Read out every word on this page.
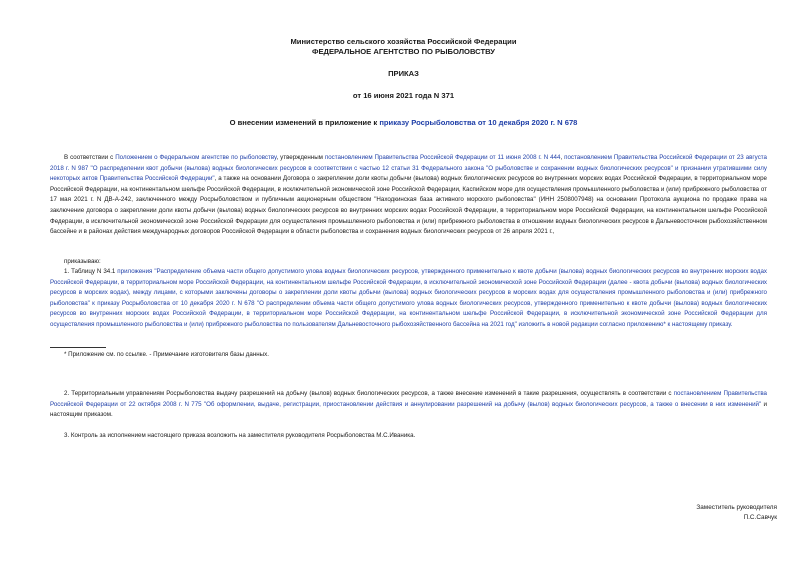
Министерство сельского хозяйства Российской Федерации
ФЕДЕРАЛЬНОЕ АГЕНТСТВО ПО РЫБОЛОВСТВУ
ПРИКАЗ
от 16 июня 2021 года N 371
О внесении изменений в приложение к приказу Росрыболовства от 10 декабря 2020 г. N 678

В соответствии с Положением о Федеральном агентстве по рыболовству, утвержденным постановлением Правительства Российской Федерации от 11 июня 2008 г. N 444, постановлением Правительства Российской Федерации от 23 августа 2018 г. N 987 "О распределении квот добычи (вылова) водных биологических ресурсов в соответствии с частью 12 статьи 31 Федерального закона "О рыболовстве и сохранении водных биологических ресурсов" и признании утратившими силу некоторых актов Правительства Российской Федерации", а также на основании Договора о закреплении доли квоты добычи (вылова) водных биологических ресурсов во внутренних морских водах Российской Федерации, в территориальном море Российской Федерации, на континентальном шельфе Российской Федерации, в исключительной экономической зоне Российской Федерации, Каспийском море для осуществления промышленного рыболовства и (или) прибрежного рыболовства от 17 мая 2021 г. N ДВ-А-242, заключенного между Росрыболовством и публичным акционерным обществом "Находкинская база активного морского рыболовства" (ИНН 2508007948) на основании Протокола аукциона по продаже права на заключение договора о закреплении доли квоты добычи (вылова) водных биологических ресурсов во внутренних морских водах Российской Федерации, в территориальном море Российской Федерации, на континентальном шельфе Российской Федерации, в исключительной экономической зоне Российской Федерации для осуществления промышленного рыболовства и (или) прибрежного рыболовства в отношении водных биологических ресурсов в Дальневосточном рыбохозяйственном бассейне и в районах действия международных договоров Российской Федерации в области рыболовства и сохранения водных биологических ресурсов от 26 апреля 2021 г.,

приказываю:

1. Таблицу N 34.1 приложения "Распределение объема части общего допустимого улова водных биологических ресурсов, утвержденного применительно к квоте добычи (вылова) водных биологических ресурсов во внутренних морских водах Российской Федерации, в территориальном море Российской Федерации, на континентальном шельфе Российской Федерации, в исключительной экономической зоне Российской Федерации (далее - квота добычи (вылова) водных биологических ресурсов в морских водах), между лицами, с которыми заключены договоры о закреплении доли квоты добычи (вылова) водных биологических ресурсов в морских водах для осуществления промышленного рыболовства и (или) прибрежного рыболовства" к приказу Росрыболовства от 10 декабря 2020 г. N 678 "О распределении объема части общего допустимого улова водных биологических ресурсов, утвержденного применительно к квоте добычи (вылова) водных биологических ресурсов во внутренних морских водах Российской Федерации, в территориальном море Российской Федерации, на континентальном шельфе Российской Федерации, в исключительной экономической зоне Российской Федерации для осуществления промышленного рыболовства и (или) прибрежного рыболовства по пользователям Дальневосточного рыбохозяйственного бассейна на 2021 год" изложить в новой редакции согласно приложению* к настоящему приказу.

* Приложение см. по ссылке. - Примечание изготовителя базы данных.

2. Территориальным управлениям Росрыболовства выдачу разрешений на добычу (вылов) водных биологических ресурсов, а также внесение изменений в такие разрешения, осуществлять в соответствии с постановлением Правительства Российской Федерации от 22 октября 2008 г. N 775 "Об оформлении, выдаче, регистрации, приостановлении действия и аннулировании разрешений на добычу (вылов) водных биологических ресурсов, а также о внесении в них изменений" и настоящим приказом.

3. Контроль за исполнением настоящего приказа возложить на заместителя руководителя Росрыболовства М.С.Иваника.

Заместитель руководителя
П.С.Савчук
